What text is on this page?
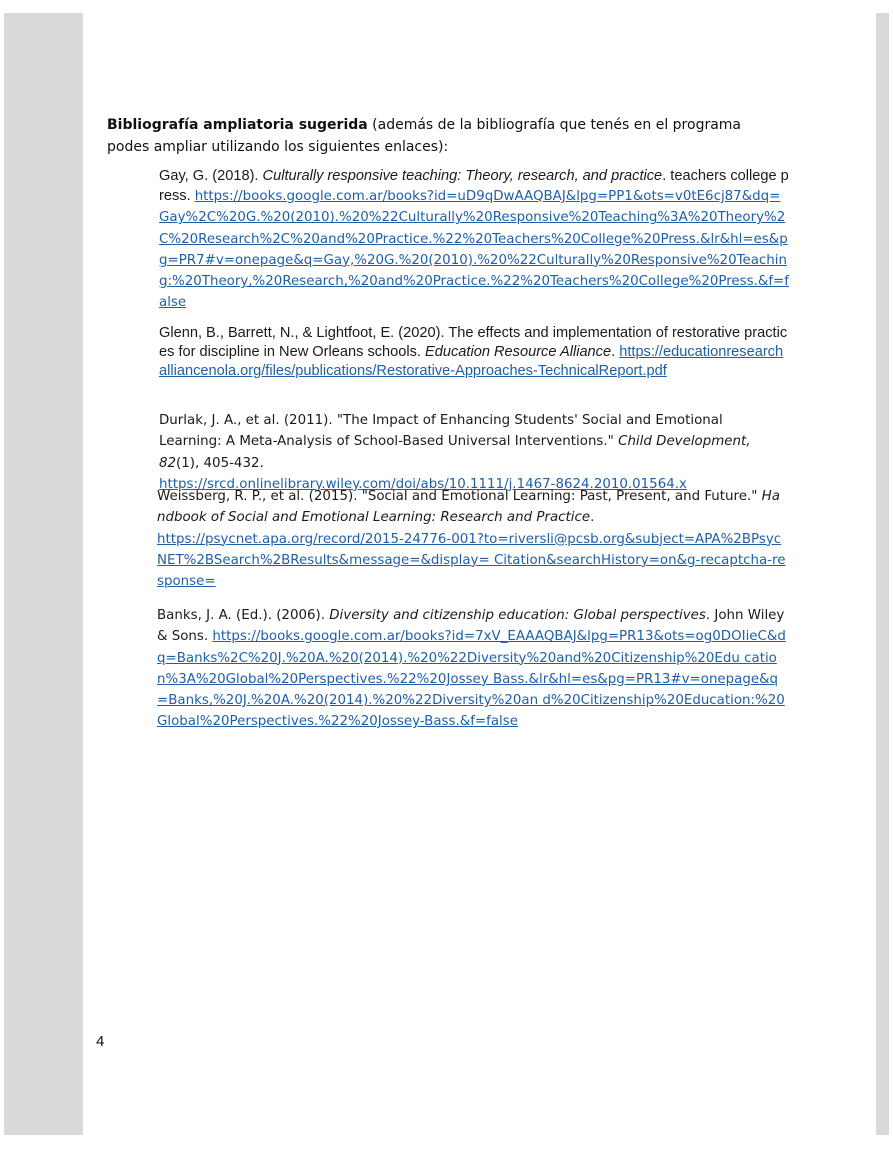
Bibliografía ampliatoria sugerida (además de la bibliografía que tenés en el programa podes ampliar utilizando los siguientes enlaces):
Gay, G. (2018). Culturally responsive teaching: Theory, research, and practice. teachers college press. https://books.google.com.ar/books?id=uD9qDwAAQBAJ&lpg=PP1&ots=v0tE6cj87&dq=Gay%2C%20G.%20(2010).%20%22Culturally%20Responsive%20Teaching%3A%20Theory%2C%20Research%2C%20and%20Practice.%22%20Teachers%20College%20Press.&lr&hl=es&pg=PR7#v=onepage&q=Gay,%20G.%20(2010).%20%22Culturally%20Responsive%20Teaching:%20Theory,%20Research,%20and%20Practice.%22%20Teachers%20College%20Press.&f=false
Glenn, B., Barrett, N., & Lightfoot, E. (2020). The effects and implementation of restorative practices for discipline in New Orleans schools. Education Resource Alliance. https://educationresearchalliancenola.org/files/publications/Restorative-Approaches-TechnicalReport.pdf
Durlak, J. A., et al. (2011). "The Impact of Enhancing Students' Social and Emotional Learning: A Meta-Analysis of School-Based Universal Interventions." Child Development, 82(1), 405-432.
https://srcd.onlinelibrary.wiley.com/doi/abs/10.1111/j.1467-8624.2010.01564.x
Weissberg, R. P., et al. (2015). "Social and Emotional Learning: Past, Present, and Future." Handbook of Social and Emotional Learning: Research and Practice.
https://psycnet.apa.org/record/2015-24776-001?to=riversli@pcsb.org&subject=APA%2BPsycNET%2BSearch%2BResults&message=&display= Citation&searchHistory=on&g-recaptcha-response=
Banks, J. A. (Ed.). (2006). Diversity and citizenship education: Global perspectives. John Wiley & Sons. https://books.google.com.ar/books?id=7xV_EAAAQBAJ&lpg=PR13&ots=og0DOIieC&dq=Banks%2C%20J.%20A.%20(2014).%20%22Diversity%20and%20Citizenship%20Edu cation%3A%20Global%20Perspectives.%22%20Jossey Bass.&lr&hl=es&pg=PR13#v=onepage&q=Banks,%20J.%20A.%20(2014).%20%22Diversity%20an d%20Citizenship%20Education:%20Global%20Perspectives.%22%20Jossey-Bass.&f=false
4
